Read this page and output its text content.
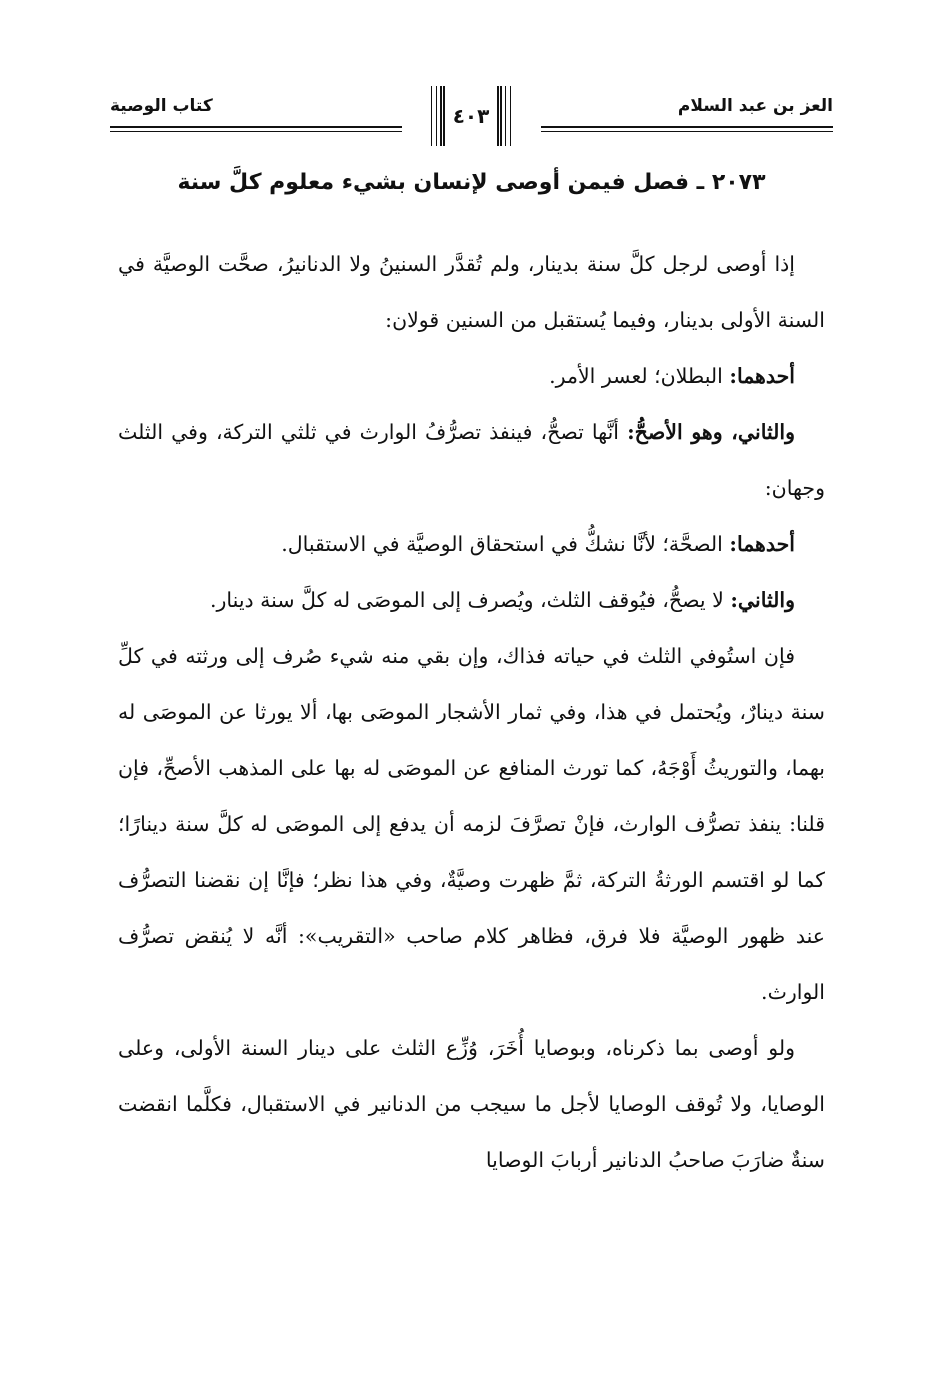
العز بن عبد السلام
٤٠٣
كتاب الوصية
٢٠٧٣ ـ فصل فيمن أوصى لإنسان بشيء معلوم كلَّ سنة

إذا أوصى لرجل كلَّ سنة بدينار، ولم تُقدَّر السنينُ ولا الدنانيرُ، صحَّت الوصيَّة في السنة الأولى بدينار، وفيما يُستقبل من السنين قولان:

أحدهما: البطلان؛ لعسر الأمر.

والثاني، وهو الأصحُّ: أنَّها تصحُّ، فينفذ تصرُّفُ الوارث في ثلثي التركة، وفي الثلث وجهان:

أحدهما: الصحَّة؛ لأنَّا نشكُّ في استحقاق الوصيَّة في الاستقبال.

والثاني: لا يصحُّ، فيُوقف الثلث، ويُصرف إلى الموصَى له كلَّ سنة دينار.

فإن استُوفي الثلث في حياته فذاك، وإن بقي منه شيء صُرف إلى ورثته في كلِّ سنة دينارٌ، ويُحتمل في هذا، وفي ثمار الأشجار الموصَى بها، ألا يورثا عن الموصَى له بهما، والتوريثُ أَوْجَهُ، كما تورث المنافع عن الموصَى له بها على المذهب الأصحِّ، فإن قلنا: ينفذ تصرُّف الوارث، فإنْ تصرَّفَ لزمه أن يدفع إلى الموصَى له كلَّ سنة دينارًا؛ كما لو اقتسم الورثةُ التركة، ثمَّ ظهرت وصيَّةٌ، وفي هذا نظر؛ فإنَّا إن نقضنا التصرُّف عند ظهور الوصيَّة فلا فرق، فظاهر كلام صاحب «التقريب»: أنَّه لا يُنقض تصرُّف الوارث.

ولو أوصى بما ذكرناه، وبوصايا أُخَرَ، وُزِّع الثلث على دينار السنة الأولى، وعلى الوصايا، ولا تُوقف الوصايا لأجل ما سيجب من الدنانير في الاستقبال، فكلَّما انقضت سنةٌ ضارَبَ صاحبُ الدنانير أربابَ الوصايا
